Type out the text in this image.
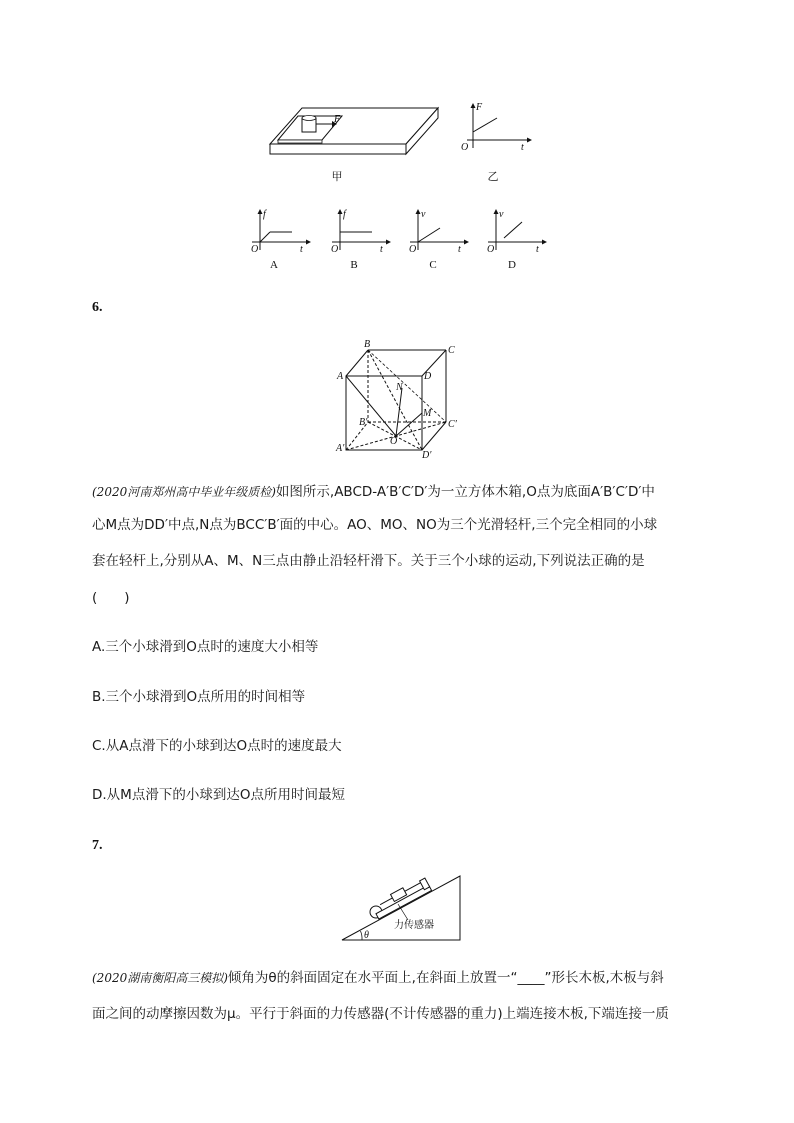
F
甲
F
t
O
乙
f
t
O
A
f
t
O
B
v
t
O
C
v
t
O
D
6.
B
C
A	D
N
M
B′	C′
O
A′
D′
(2020河南郑州高中毕业年级质检)如图所示,ABCD-A′B′C′D′为一立方体木箱,O点为底面A′B′C′D′中
心M点为DD′中点,N点为BCC′B′面的中心。AO、MO、NO为三个光滑轻杆,三个完全相同的小球
套在轻杆上,分别从A、M、N三点由静止沿轻杆滑下。关于三个小球的运动,下列说法正确的是
(　　)
A.三个小球滑到O点时的速度大小相等
B.三个小球滑到O点所用的时间相等
C.从A点滑下的小球到达O点时的速度最大
D.从M点滑下的小球到达O点所用时间最短
7.
θ
力传感器
(2020湖南衡阳高三模拟)倾角为θ的斜面固定在水平面上,在斜面上放置一“____”形长木板,木板与斜
面之间的动摩擦因数为μ。平行于斜面的力传感器(不计传感器的重力)上端连接木板,下端连接一质
